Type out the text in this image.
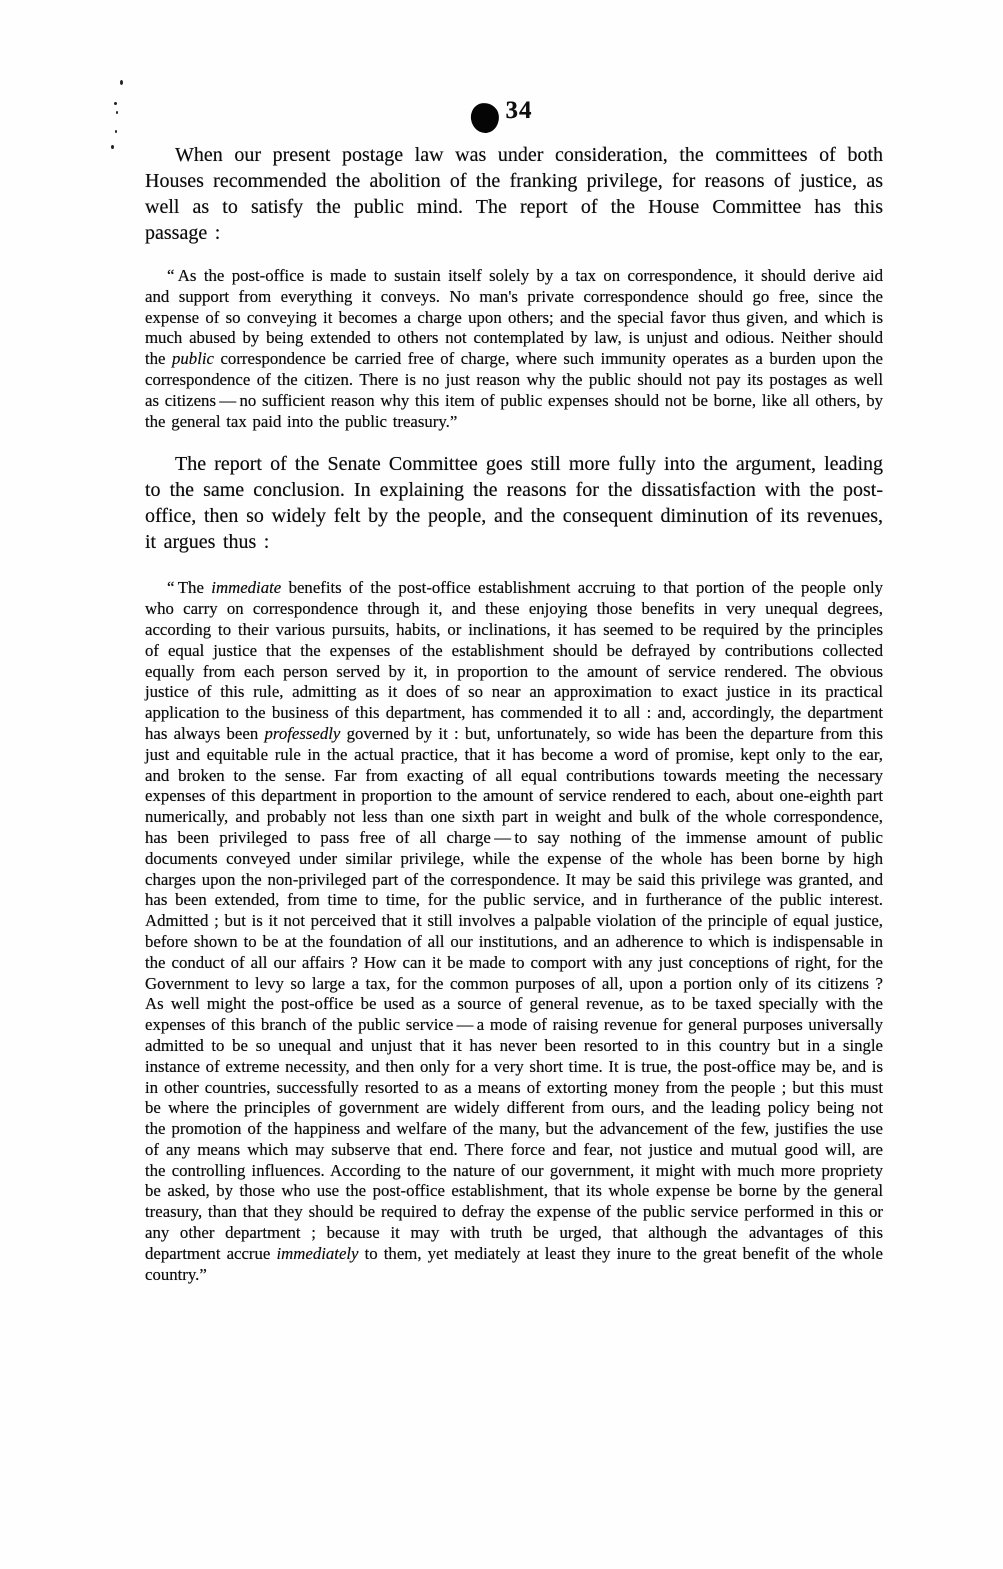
34

When our present postage law was under consideration, the committees of both Houses recommended the abolition of the franking privilege, for reasons of justice, as well as to satisfy the public mind. The report of the House Committee has this passage :

“ As the post-office is made to sustain itself solely by a tax on correspondence, it should derive aid and support from everything it conveys. No man's private correspondence should go free, since the expense of so conveying it becomes a charge upon others; and the special favor thus given, and which is much abused by being extended to others not contemplated by law, is unjust and odious. Neither should the public correspondence be carried free of charge, where such immunity operates as a burden upon the correspondence of the citizen. There is no just reason why the public should not pay its postages as well as citizens — no sufficient reason why this item of public expenses should not be borne, like all others, by the general tax paid into the public treasury.”

The report of the Senate Committee goes still more fully into the argument, leading to the same conclusion. In explaining the reasons for the dissatisfaction with the post-office, then so widely felt by the people, and the consequent diminution of its revenues, it argues thus :

“ The immediate benefits of the post-office establishment accruing to that portion of the people only who carry on correspondence through it, and these enjoying those benefits in very unequal degrees, according to their various pursuits, habits, or inclinations, it has seemed to be required by the principles of equal justice that the expenses of the establishment should be defrayed by contributions collected equally from each person served by it, in proportion to the amount of service rendered. The obvious justice of this rule, admitting as it does of so near an approximation to exact justice in its practical application to the business of this department, has commended it to all : and, accordingly, the department has always been professedly governed by it : but, unfortunately, so wide has been the departure from this just and equitable rule in the actual practice, that it has become a word of promise, kept only to the ear, and broken to the sense. Far from exacting of all equal contributions towards meeting the necessary expenses of this department in proportion to the amount of service rendered to each, about one-eighth part numerically, and probably not less than one sixth part in weight and bulk of the whole correspondence, has been privileged to pass free of all charge — to say nothing of the immense amount of public documents conveyed under similar privilege, while the expense of the whole has been borne by high charges upon the non-privileged part of the correspondence. It may be said this privilege was granted, and has been extended, from time to time, for the public service, and in furtherance of the public interest. Admitted ; but is it not perceived that it still involves a palpable violation of the principle of equal justice, before shown to be at the foundation of all our institutions, and an adherence to which is indispensable in the conduct of all our affairs ? How can it be made to comport with any just conceptions of right, for the Government to levy so large a tax, for the common purposes of all, upon a portion only of its citizens ? As well might the post-office be used as a source of general revenue, as to be taxed specially with the expenses of this branch of the public service — a mode of raising revenue for general purposes universally admitted to be so unequal and unjust that it has never been resorted to in this country but in a single instance of extreme necessity, and then only for a very short time. It is true, the post-office may be, and is in other countries, successfully resorted to as a means of extorting money from the people ; but this must be where the principles of government are widely different from ours, and the leading policy being not the promotion of the happiness and welfare of the many, but the advancement of the few, justifies the use of any means which may subserve that end. There force and fear, not justice and mutual good will, are the controlling influences. According to the nature of our government, it might with much more propriety be asked, by those who use the post-office establishment, that its whole expense be borne by the general treasury, than that they should be required to defray the expense of the public service performed in this or any other department ; because it may with truth be urged, that although the advantages of this department accrue immediately to them, yet mediately at least they inure to the great benefit of the whole country.”
